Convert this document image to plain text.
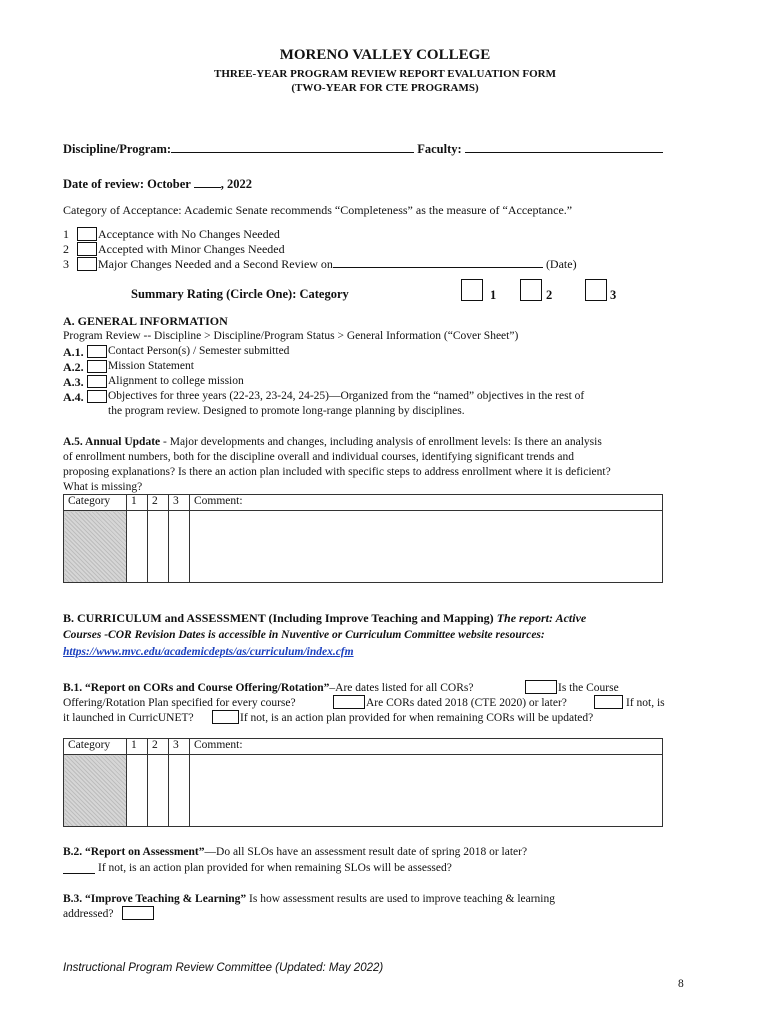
MORENO VALLEY COLLEGE
THREE-YEAR PROGRAM REVIEW REPORT EVALUATION FORM
(TWO-YEAR FOR CTE PROGRAMS)
Discipline/Program:	Faculty:
Date of review: October , 2022
Category of Acceptance: Academic Senate recommends “Completeness” as the measure of “Acceptance.”
1 Acceptance with No Changes Needed
2 Accepted with Minor Changes Needed
3 Major Changes Needed and a Second Review on	(Date)
Summary Rating (Circle One): Category	1	2	3
A. GENERAL INFORMATION
Program Review -- Discipline > Discipline/Program Status > General Information (“Cover Sheet”)
A.1. Contact Person(s) / Semester submitted
A.2. Mission Statement
A.3. Alignment to college mission
A.4. Objectives for three years (22-23, 23-24, 24-25)—Organized from the “named” objectives in the rest of
the program review. Designed to promote long-range planning by disciplines.
A.5. Annual Update - Major developments and changes, including analysis of enrollment levels: Is there an analysis
of enrollment numbers, both for the discipline overall and individual courses, identifying significant trends and
proposing explanations? Is there an action plan included with specific steps to address enrollment where it is deficient?
What is missing?
Category	1	2	3	Comment:

B. CURRICULUM and ASSESSMENT (Including Improve Teaching and Mapping) The report: Active
Courses -COR Revision Dates is accessible in Nuventive or Curriculum Committee website resources:
https://www.mvc.edu/academicdepts/as/curriculum/index.cfm
B.1. “Report on CORs and Course Offering/Rotation”–Are dates listed for all CORs?	Is the Course
Offering/Rotation Plan specified for every course?	Are CORs dated 2018 (CTE 2020) or later?	If not, is
it launched in CurricUNET?	If not, is an action plan provided for when remaining CORs will be updated?
Category	1	2	3	Comment:

B.2. “Report on Assessment”—Do all SLOs have an assessment result date of spring 2018 or later?
If not, is an action plan provided for when remaining SLOs will be assessed?
B.3. “Improve Teaching & Learning” Is how assessment results are used to improve teaching & learning
addressed?
Instructional Program Review Committee (Updated: May 2022)
8
